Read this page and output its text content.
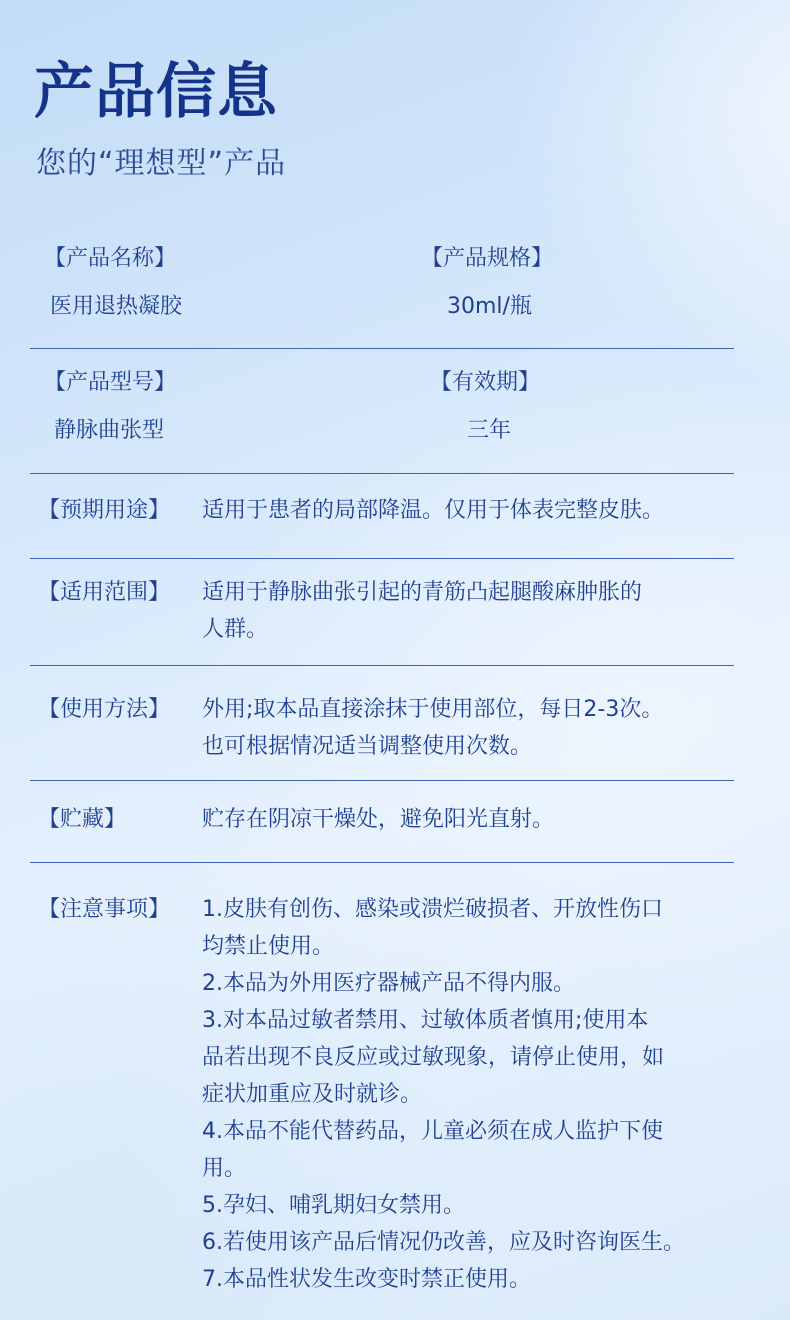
产品信息
您的“理想型”产品
【产品名称】
医用退热凝胶
【产品规格】
30ml/瓶
【产品型号】
静脉曲张型
【有效期】
三年
【预期用途】 适用于患者的局部降温。仅用于体表完整皮肤。
【适用范围】 适用于静脉曲张引起的青筋凸起腿酸麻肿胀的
人群。
【使用方法】 外用;取本品直接涂抹于使用部位，每日2-3次。
也可根据情况适当调整使用次数。
【贮藏】	贮存在阴凉干燥处，避免阳光直射。
【注意事项】 1.皮肤有创伤、感染或溃烂破损者、开放性伤口
均禁止使用。
2.本品为外用医疗器械产品不得内服。
3.对本品过敏者禁用、过敏体质者慎用;使用本
品若出现不良反应或过敏现象，请停止使用，如
症状加重应及时就诊。
4.本品不能代替药品，儿童必须在成人监护下使
用。
5.孕妇、哺乳期妇女禁用。
6.若使用该产品后情况仍改善，应及时咨询医生。
7.本品性状发生改变时禁正使用。
